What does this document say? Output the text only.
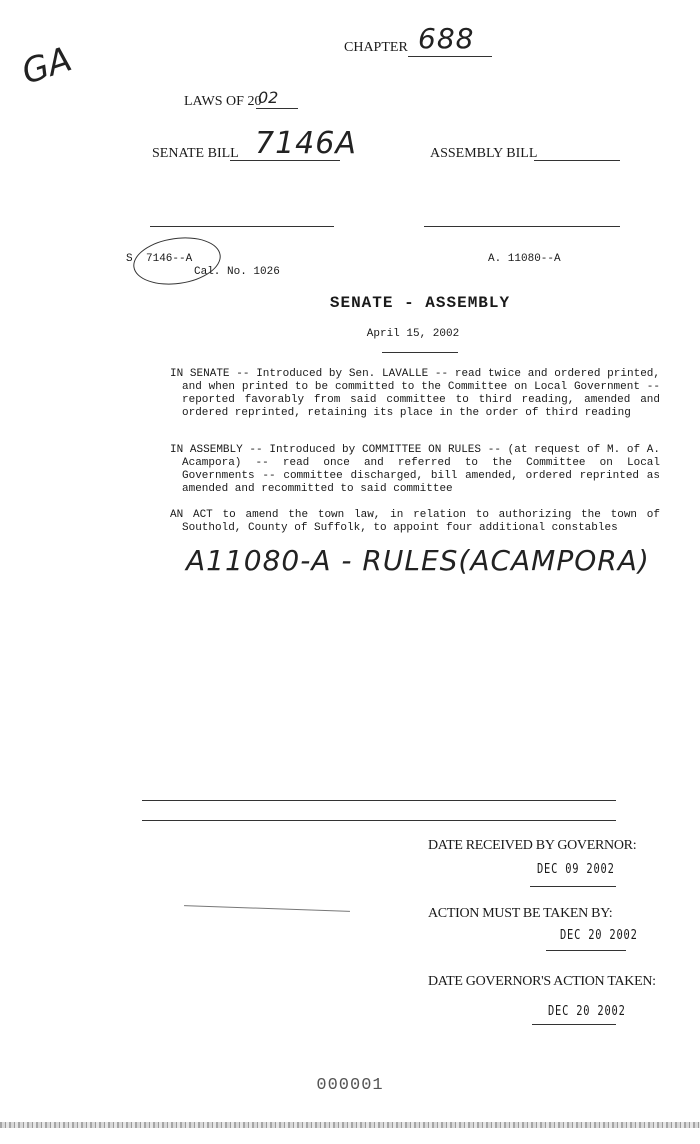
GA	CHAPTER 688
LAWS OF 20
02
SENATE BILL 7146A	ASSEMBLY BILL
S 7146--A
Cal. No. 1026
A. 11080--A
SENATE - ASSEMBLY
April 15, 2002
IN SENATE -- Introduced by Sen. LAVALLE -- read twice and ordered printed, and when printed to be committed to the Committee on Local Government -- reported favorably from said committee to third reading, amended and ordered reprinted, retaining its place in the order of third reading
IN ASSEMBLY -- Introduced by COMMITTEE ON RULES -- (at request of M. of A. Acampora) -- read once and referred to the Committee on Local Governments -- committee discharged, bill amended, ordered reprinted as amended and recommitted to said committee
AN ACT to amend the town law, in relation to authorizing the town of Southold, County of Suffolk, to appoint four additional constables
A11080-A - RULES(ACAMPORA)
DATE RECEIVED BY GOVERNOR:
DEC 09 2002
ACTION MUST BE TAKEN BY:
DEC 20 2002
DATE GOVERNOR'S ACTION TAKEN:
DEC 20 2002
000001
